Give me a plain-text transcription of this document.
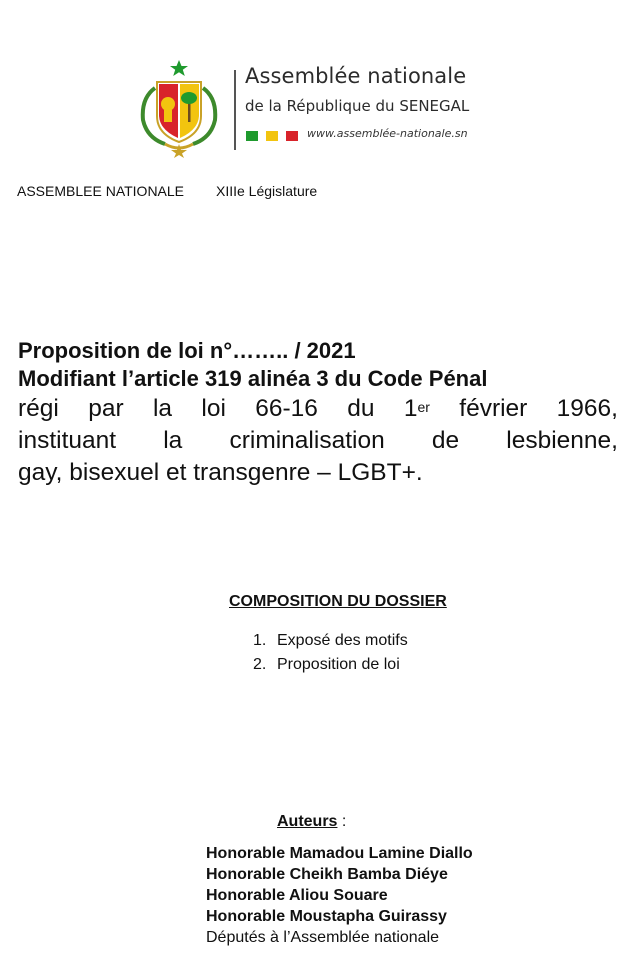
Assemblée nationale
de la République du SENEGAL
www.assemblée-nationale.sn
ASSEMBLEE NATIONALE XIIIe Législature

Proposition de loi n°…….. / 2021

Modifiant l’article 319 alinéa 3 du Code Pénal

régi par la loi 66-16 du 1er février 1966,
instituant la criminalisation de lesbienne,
gay, bisexuel et transgenre – LGBT+.

COMPOSITION DU DOSSIER
1. Exposé des motifs
2. Proposition de loi
Auteurs :
Honorable Mamadou Lamine Diallo
Honorable Cheikh Bamba Diéye
Honorable Aliou Souare
Honorable Moustapha Guirassy
Députés à l’Assemblée nationale
